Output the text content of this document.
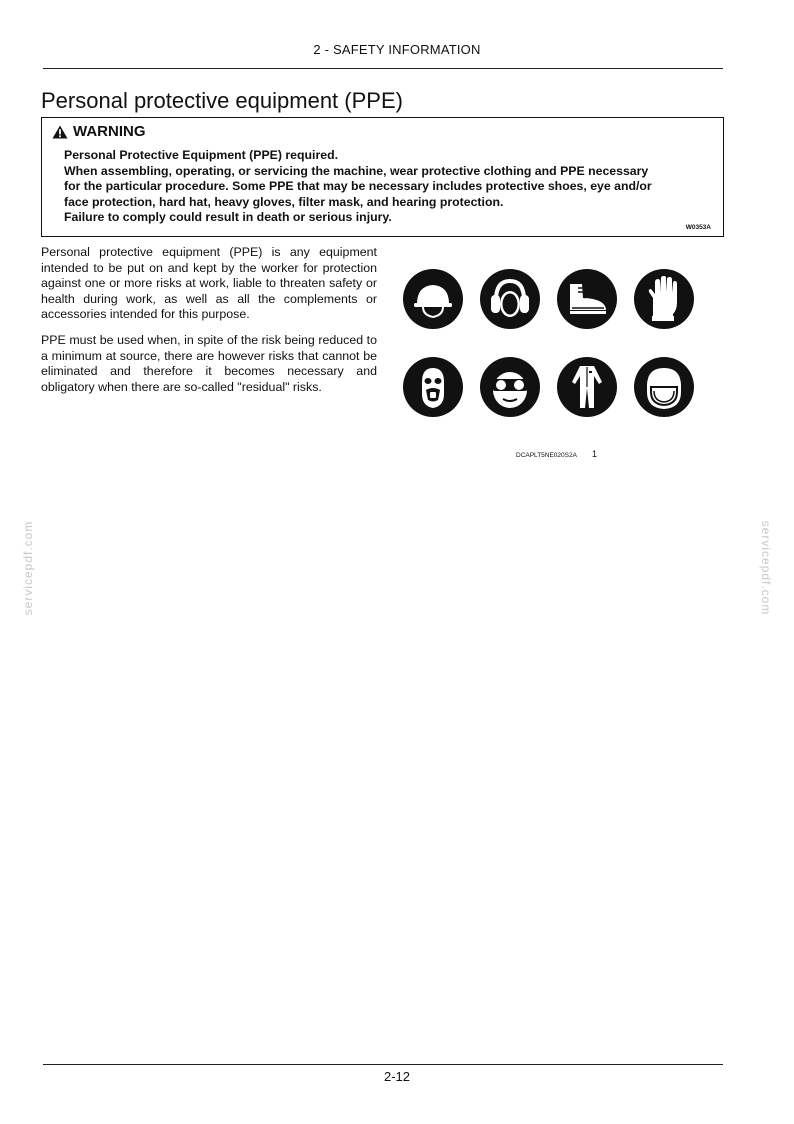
2 - SAFETY INFORMATION
Personal protective equipment (PPE)
WARNING
Personal Protective Equipment (PPE) required.
When assembling, operating, or servicing the machine, wear protective clothing and PPE necessary
for the particular procedure. Some PPE that may be necessary includes protective shoes, eye and/or
face protection, hard hat, heavy gloves, filter mask, and hearing protection.
Failure to comply could result in death or serious injury.
W0353A

Personal protective equipment (PPE) is any equipment intended to be put on and kept by the worker for protection against one or more risks at work, liable to threaten safety or health during work, as well as all the complements or accessories intended for this purpose.

PPE must be used when, in spite of the risk being reduced to a minimum at source, there are however risks that cannot be eliminated and therefore it becomes necessary and obligatory when there are so-called "residual" risks.

DCAPLT5NE020S2A 1
servicepdf.com	servicepdf.com
2-12
